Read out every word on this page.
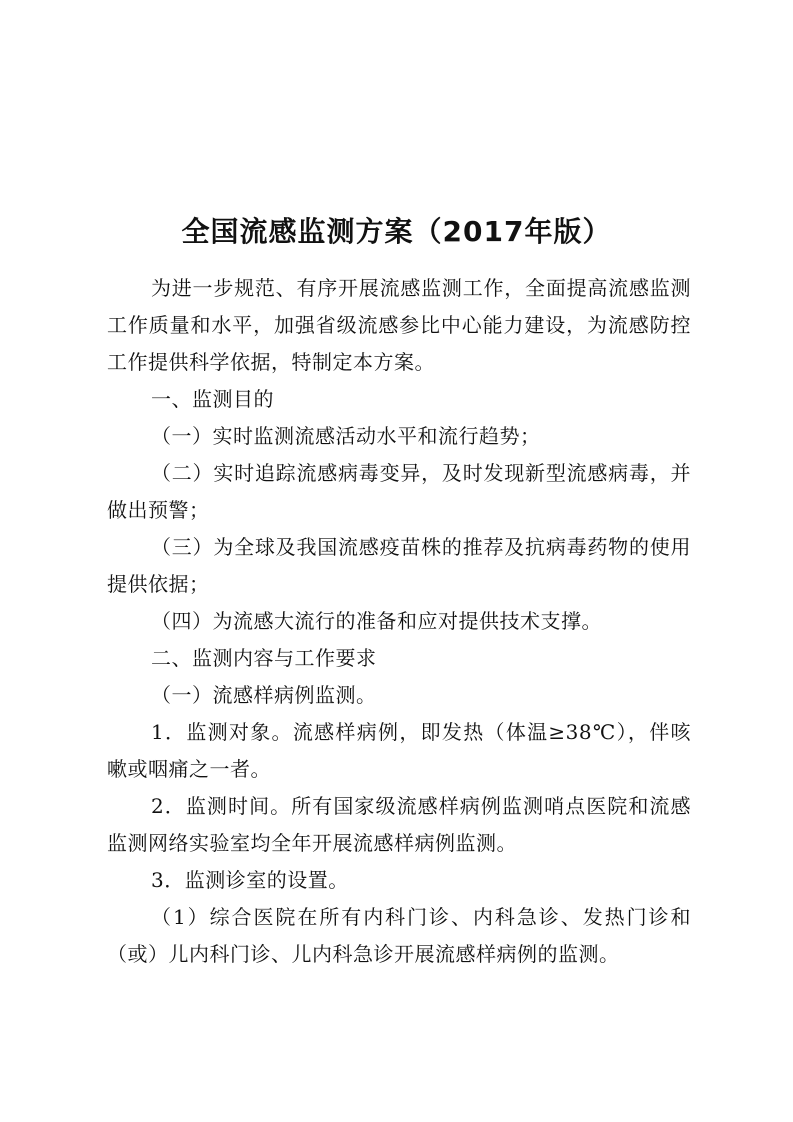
全国流感监测方案（2017年版）

为进一步规范、有序开展流感监测工作，全面提高流感监测工作质量和水平，加强省级流感参比中心能力建设，为流感防控工作提供科学依据，特制定本方案。

一、监测目的

（一）实时监测流感活动水平和流行趋势；

（二）实时追踪流感病毒变异，及时发现新型流感病毒，并做出预警；

（三）为全球及我国流感疫苗株的推荐及抗病毒药物的使用提供依据；

（四）为流感大流行的准备和应对提供技术支撑。

二、监测内容与工作要求

（一）流感样病例监测。

1．监测对象。流感样病例，即发热（体温≥38℃），伴咳嗽或咽痛之一者。

2．监测时间。所有国家级流感样病例监测哨点医院和流感监测网络实验室均全年开展流感样病例监测。

3．监测诊室的设置。

（1）综合医院在所有内科门诊、内科急诊、发热门诊和（或）儿内科门诊、儿内科急诊开展流感样病例的监测。
